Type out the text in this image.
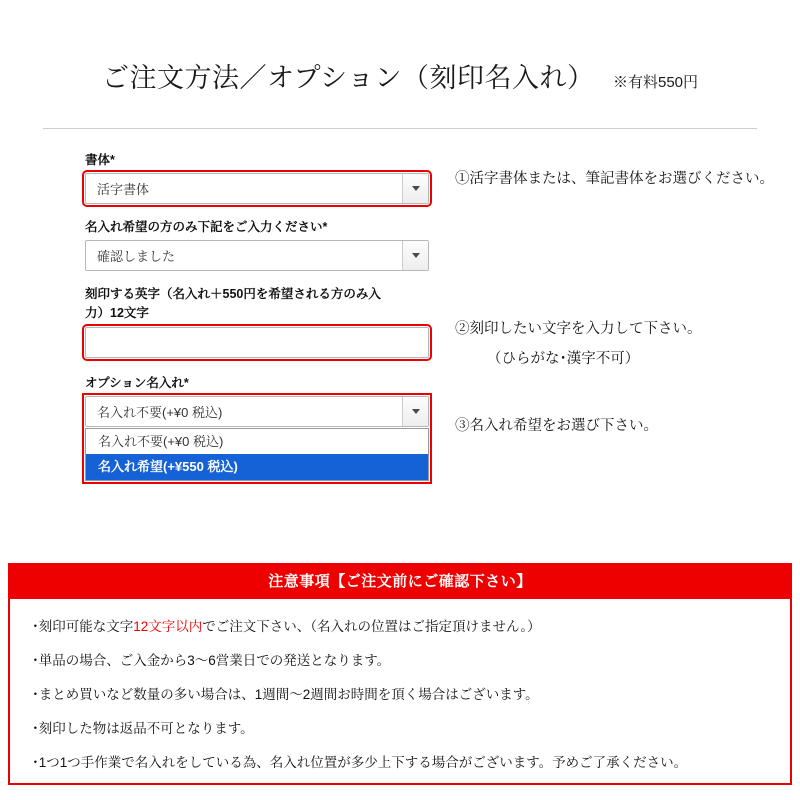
ご注文方法／オプション（刻印名入れ） ※有料550円
書体*
活字書体
名入れ希望の方のみ下記をご入力ください*
確認しました
刻印する英字（名入れ＋550円を希望される方のみ入
力）12文字
オプション名入れ*
名入れ不要(+¥0 税込)
名入れ不要(+¥0 税込)
名入れ希望(+¥550 税込)
①活字書体または、筆記書体をお選びください。
②刻印したい文字を入力して下さい。
（ひらがな･漢字不可）
③名入れ希望をお選び下さい。
注意事項【ご注文前にご確認下さい】
･刻印可能な文字12文字以内でご注文下さい、（名入れの位置はご指定頂けません。）
･単品の場合、ご入金から3～6営業日での発送となります。
･まとめ買いなど数量の多い場合は、1週間～2週間お時間を頂く場合はございます。
･刻印した物は返品不可となります。
･1つ1つ手作業で名入れをしている為、名入れ位置が多少上下する場合がございます。予めご了承ください。
